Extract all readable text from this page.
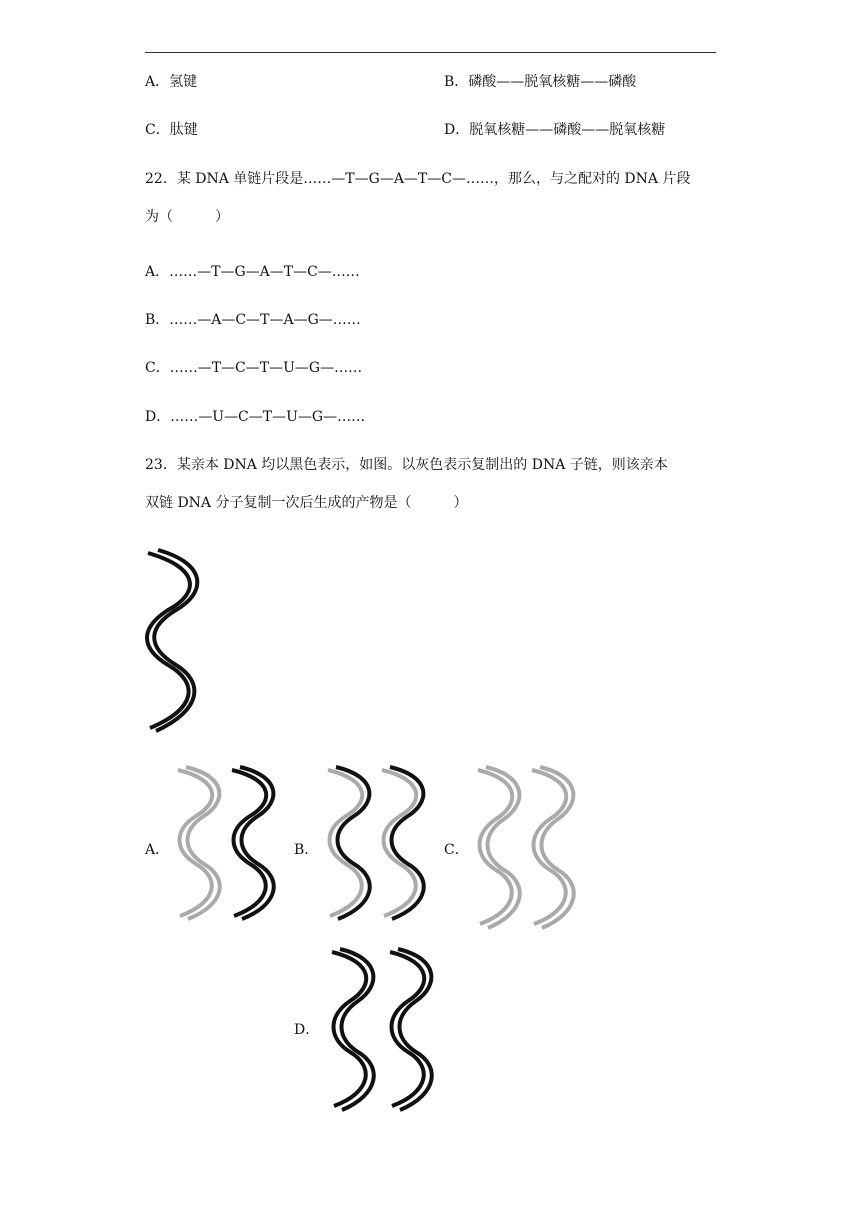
A．氢键	B．磷酸——脱氧核糖——磷酸
C．肽键	D．脱氧核糖——磷酸——脱氧核糖
22．某 DNA 单链片段是……—T—G—A—T—C—……，那么，与之配对的 DNA 片段
为（　　　）
A．……—T—G—A—T—C—……
B．……—A—C—T—A—G—……
C．……—T—C—T—U—G—……
D．……—U—C—T—U—G—……
23．某亲本 DNA 均以黑色表示，如图。以灰色表示复制出的 DNA 子链，则该亲本
双链 DNA 分子复制一次后生成的产物是（　　　）
A．	B．	C．
D．
